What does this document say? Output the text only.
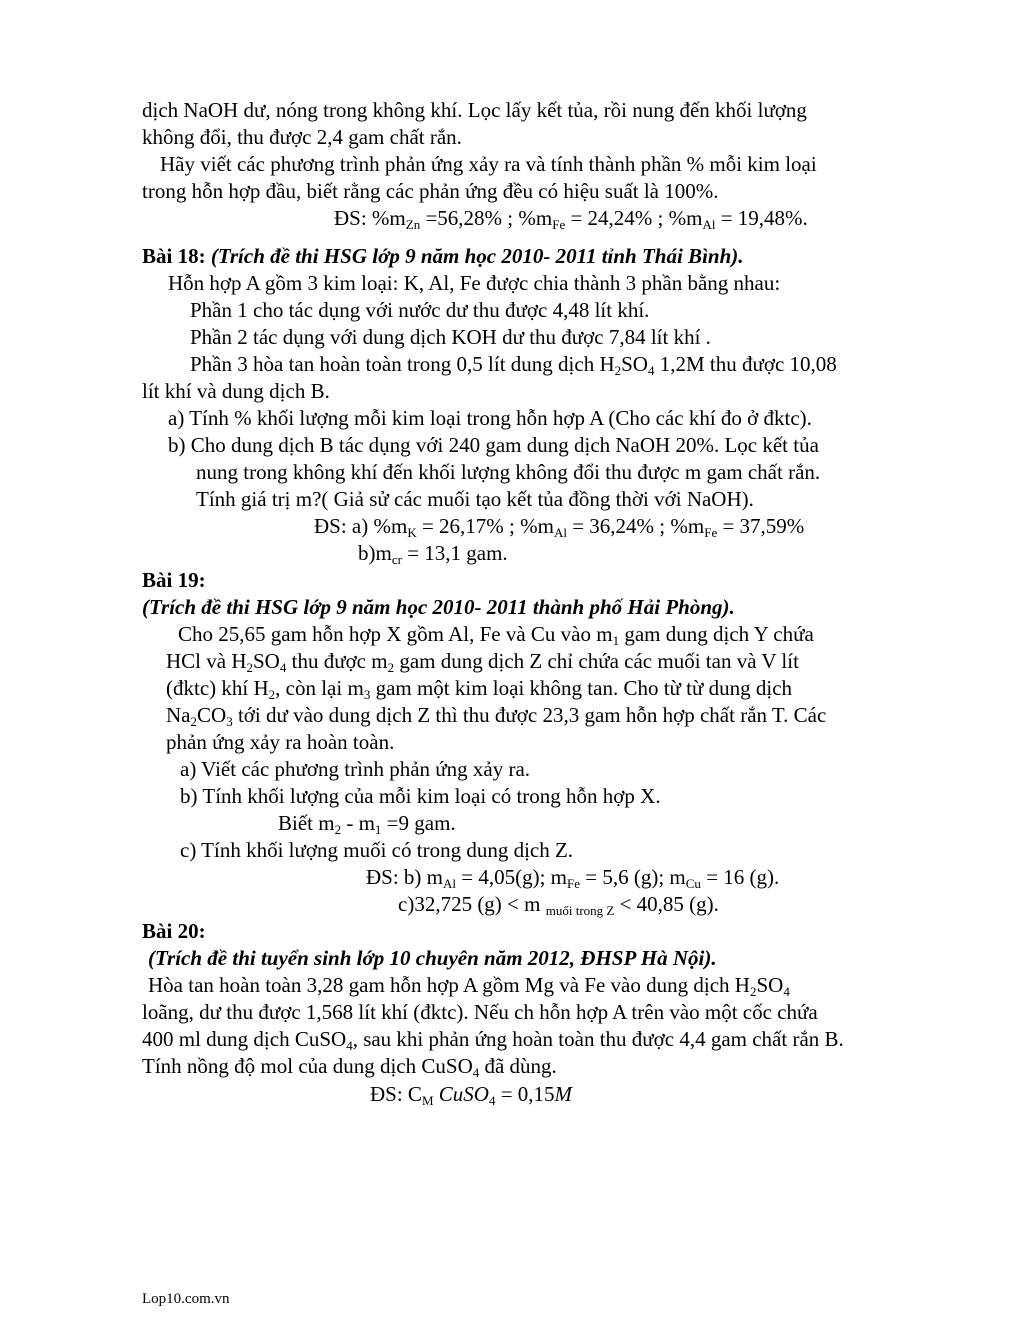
dịch NaOH dư, nóng trong không khí. Lọc lấy kết tủa, rồi nung đến khối lượng
không đổi, thu được 2,4 gam chất rắn.
Hãy viết các phương trình phản ứng xảy ra và tính thành phần % mỗi kim loại
trong hỗn hợp đầu, biết rằng các phản ứng đều có hiệu suất là 100%.
ĐS: $\%m_{Zn} =56,28\%$ ; $\%m_{Fe} = 24,24\%$ ; $\%m_{Al} = 19,48\%$.
Bài 18: (Trích đề thi HSG lớp 9 năm học 2010- 2011 tỉnh Thái Bình).
Hỗn hợp A gồm 3 kim loại: K, Al, Fe được chia thành 3 phần bằng nhau:
Phần 1 cho tác dụng với nước dư thu được 4,48 lít khí.
Phần 2 tác dụng với dung dịch KOH dư thu được 7,84 lít khí .
Phần 3 hòa tan hoàn toàn trong 0,5 lít dung dịch $H_2SO_4$ 1,2M thu được 10,08
lít khí và dung dịch B.
a) Tính % khối lượng mỗi kim loại trong hỗn hợp A (Cho các khí đo ở đktc).
b) Cho dung dịch B tác dụng với 240 gam dung dịch NaOH 20%. Lọc kết tủa
nung trong không khí đến khối lượng không đổi thu được m gam chất rắn.
Tính giá trị m?( Giả sử các muối tạo kết tủa đồng thời với NaOH).
ĐS: a) $\%m_K = 26,17\%$ ; $\%m_{Al} = 36,24\%$ ; $\%m_{Fe} = 37,59\%$
$b)m_{cr} = 13,1$ gam.
Bài 19:
(Trích đề thi HSG lớp 9 năm học 2010- 2011 thành phố Hải Phòng).
Cho 25,65 gam hỗn hợp X gồm Al, Fe và Cu vào $m_1$ gam dung dịch Y chứa
HCl và $H_2SO_4$ thu được $m_2$ gam dung dịch Z chỉ chứa các muối tan và V lít
(đktc) khí $H_2$, còn lại $m_3$ gam một kim loại không tan. Cho từ từ dung dịch
$Na_2CO_3$ tới dư vào dung dịch Z thì thu được 23,3 gam hỗn hợp chất rắn T. Các
phản ứng xảy ra hoàn toàn.
a) Viết các phương trình phản ứng xảy ra.
b) Tính khối lượng của mỗi kim loại có trong hỗn hợp X.
Biết $m_2 - m_1 =9$ gam.
c) Tính khối lượng muối có trong dung dịch Z.
ĐS: b) $m_{Al} = 4,05(g)$; $m_{Fe} = 5,6$ (g); $m_{Cu} = 16$ (g).
c)32,725 (g) < m $_{muối trong Z}$ < 40,85 (g).
Bài 20:
(Trích đề thi tuyển sinh lớp 10 chuyên năm 2012, ĐHSP Hà Nội).
Hòa tan hoàn toàn 3,28 gam hỗn hợp A gồm Mg và Fe vào dung dịch $H_2SO_4$
loãng, dư thu được 1,568 lít khí (đktc). Nếu ch hỗn hợp A trên vào một cốc chứa
400 ml dung dịch CuSO$_4$, sau khi phản ứng hoàn toàn thu được 4,4 gam chất rắn B.
Tính nồng độ mol của dung dịch CuSO$_4$ đã dùng.
ĐS: $C_M$ CuSO$_4$ = 0,15M
Lop10.com.vn
